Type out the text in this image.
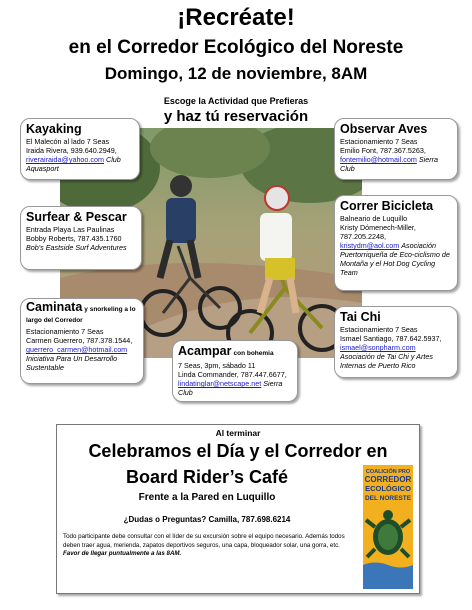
¡Recréate!
en el Corredor Ecológico del Noreste
Domingo, 12 de noviembre, 8AM
Escoge la Actividad que Prefieras
y haz tú reservación
Kayaking
El Malecón al lado 7 Seas
Iraida Rivera, 939.640.2949,
riverairaida@yahoo.com Club Aquasport
Surfear & Pescar
Entrada Playa Las Paulinas
Bobby Roberts, 787.435.1760
Bob's Eastside Surf Adventures
Caminata y snorkeling a lo largo del Corredor
Estacionamiento 7 Seas
Carmen Guerrero, 787.378.1544,
guerrero_carmen@hotmail.com Iniciativa Para Un Desarrollo Sustentable
Acampar con bohemia
7 Seas, 3pm, sábado 11
Linda Commander, 787.447.6677,
lindatinglar@netscape.net Sierra Club
Observar Aves
Estacionamiento 7 Seas
Emilio Font, 787.367.5263,
fontemilio@hotmail.com Sierra Club
Correr Bicicleta
Balneario de Luquillo
Kristy Dómenech-Miller,
787.205.2248,
kristydm@aol.com Asociación Puertorriqueña de Eco-ciclismo de Montaña y el Hot Dog Cycling Team
Tai Chi
Estacionamiento 7 Seas
Ismael Santiago, 787.642.5937,
ismael@sonpharm.com Asociación de Tai Chi y Artes Internas de Puerto Rico
Al terminar
Celebramos el Día y el Corredor en
Board Rider’s Café
Frente a la Pared en Luquillo
¿Dudas o Preguntas? Camilla, 787.698.6214
Todo participante debe consultar con el líder de su excursión sobre el equipo necesario. Además todos deben traer agua, merienda, zapatos deportivos seguros, una capa, bloqueador solar, una gorra, etc. Favor de llegar puntualmente a las 8AM.
COALICIÓN PRO
CORREDOR
ECOLÓGICO
DEL NORESTE
